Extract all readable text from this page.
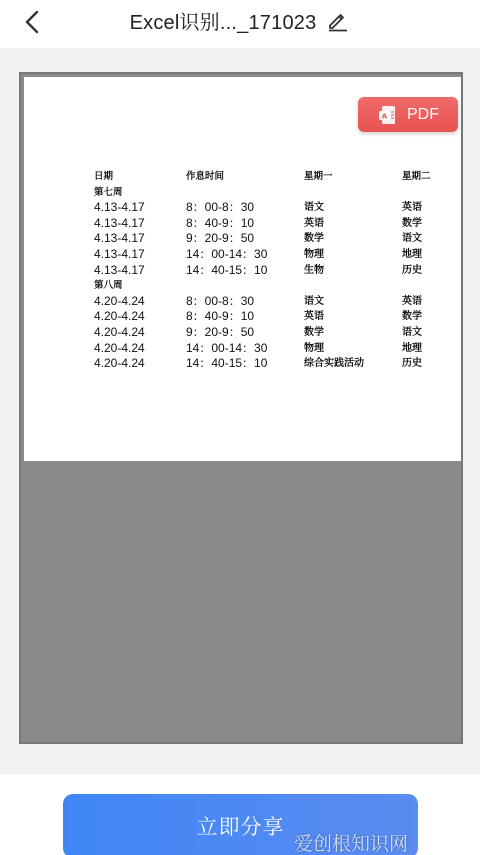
Excel识别..._171023
A PDF
日期	作息时间	星期一	星期二
第七周
4.13-4.17	8：00-8：30	语文	英语
4.13-4.17	8：40-9：10	英语	数学
4.13-4.17	9：20-9：50	数学	语文
4.13-4.17	14：00-14：30	物理	地理
4.13-4.17	14：40-15：10	生物	历史
第八周
4.20-4.24	8：00-8：30	语文	英语
4.20-4.24	8：40-9：10	英语	数学
4.20-4.24	9：20-9：50	数学	语文
4.20-4.24	14：00-14：30	物理	地理
4.20-4.24	14：40-15：10	综合实践活动	历史
立即分享
爱创根知识网
